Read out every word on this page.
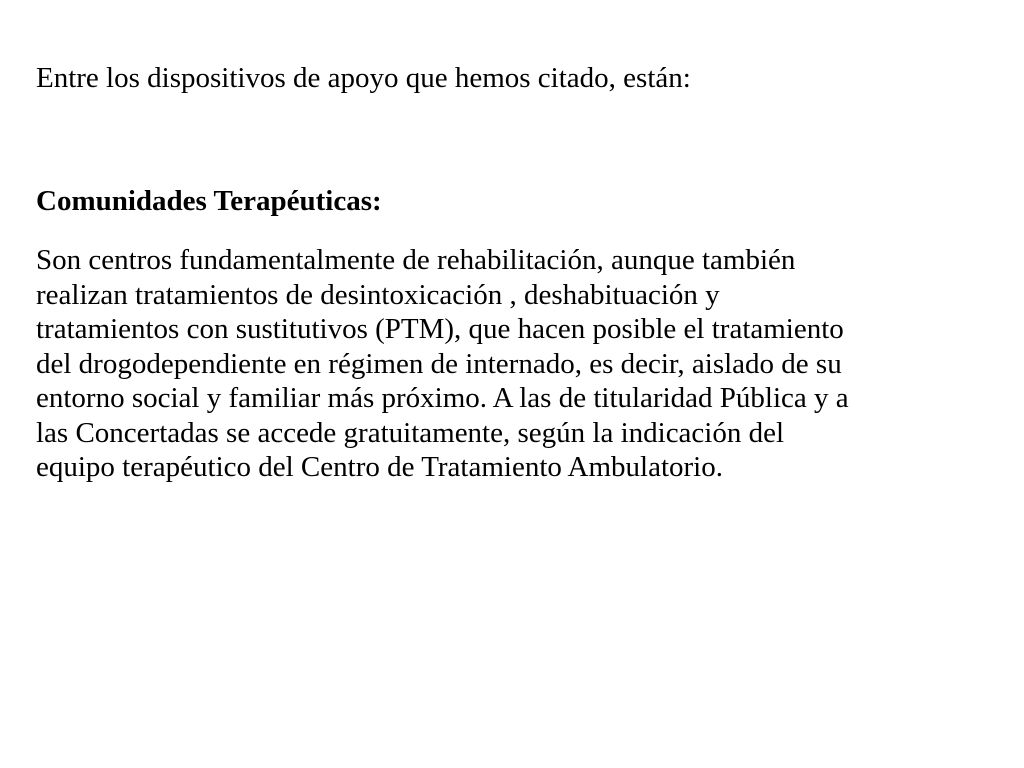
Entre los dispositivos de apoyo que hemos citado, están:

Comunidades Terapéuticas:

Son centros fundamentalmente de rehabilitación, aunque también
realizan tratamientos de desintoxicación , deshabituación y
tratamientos con sustitutivos (PTM), que hacen posible el tratamiento
del drogodependiente en régimen de internado, es decir, aislado de su
entorno social y familiar más próximo. A las de titularidad Pública y a
las Concertadas se accede gratuitamente, según la indicación del
equipo terapéutico del Centro de Tratamiento Ambulatorio.
